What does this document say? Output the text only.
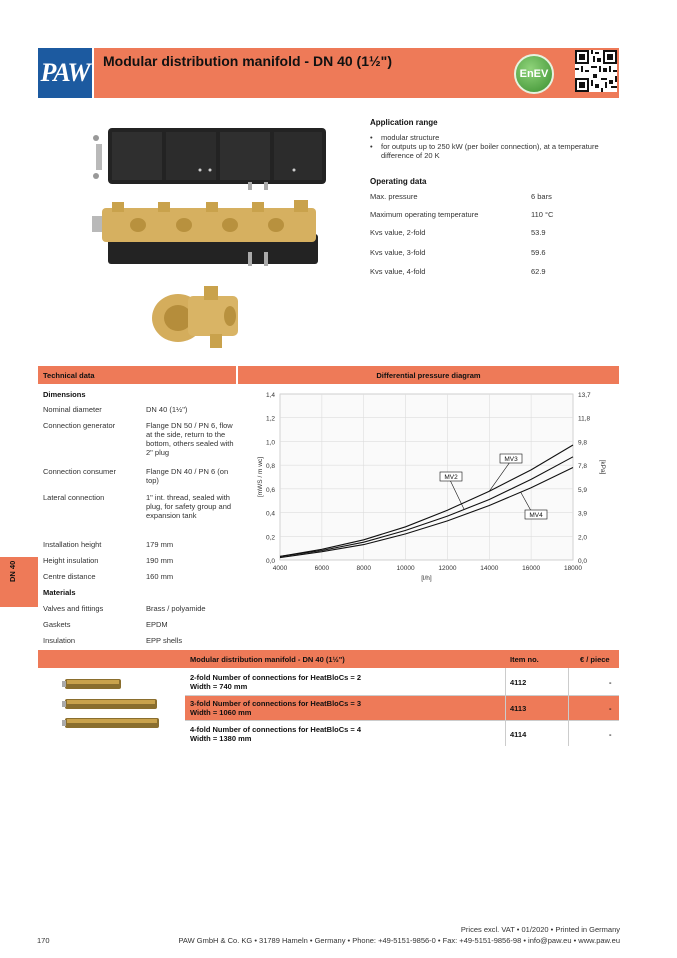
PAW Modular distribution manifold - DN 40 (1½")
EnEV
Application range
•	modular structure
•	for outputs up to 250 kW (per boiler connection), at a temperature difference of 20 K
Operating data
Max. pressure	6 bars
Maximum operating temperature	110 °C
Kvs value, 2-fold	53.9
Kvs value, 3-fold	59.6
Kvs value, 4-fold	62.9
Technical data	Differential pressure diagram
Dimensions
Nominal diameter	DN 40 (1½")
Connection generator	Flange DN 50 / PN 6, flow at the side, return to the bottom, others sealed with 2" plug
Connection consumer	Flange DN 40 / PN 6 (on top)
Lateral connection	1" int. thread, sealed with plug, for safety group and expansion tank
Installation height	179 mm
Height insulation	190 mm
Centre distance	160 mm
Materials
Valves and fittings	Brass / polyamide
Gaskets	EPDM
Insulation	EPP shells
DN 40	0,0	0,0
0,2	2,0
0,4	3,9
0,6	5,9
0,8	7,8
1,0	9,8
1,2	11,8
1,4	13,7
4000	6000	8000	10000	12000	14000	16000	18000
[l/h]
[mWS / m wc]	[kPa]
MV3
MV2
MV4
Modular distribution manifold - DN 40 (1½")	Item no.	€ / piece
2-fold Number of connections for HeatBloCs = 2
Width = 740 mm	4112	-
3-fold Number of connections for HeatBloCs = 3
Width = 1060 mm	4113	-
4-fold Number of connections for HeatBloCs = 4
Width = 1380 mm	4114	-
170
Prices excl. VAT • 01/2020 • Printed in Germany
PAW GmbH & Co. KG • 31789 Hameln • Germany • Phone: +49-5151-9856-0 • Fax: +49-5151-9856-98 • info@paw.eu • www.paw.eu
